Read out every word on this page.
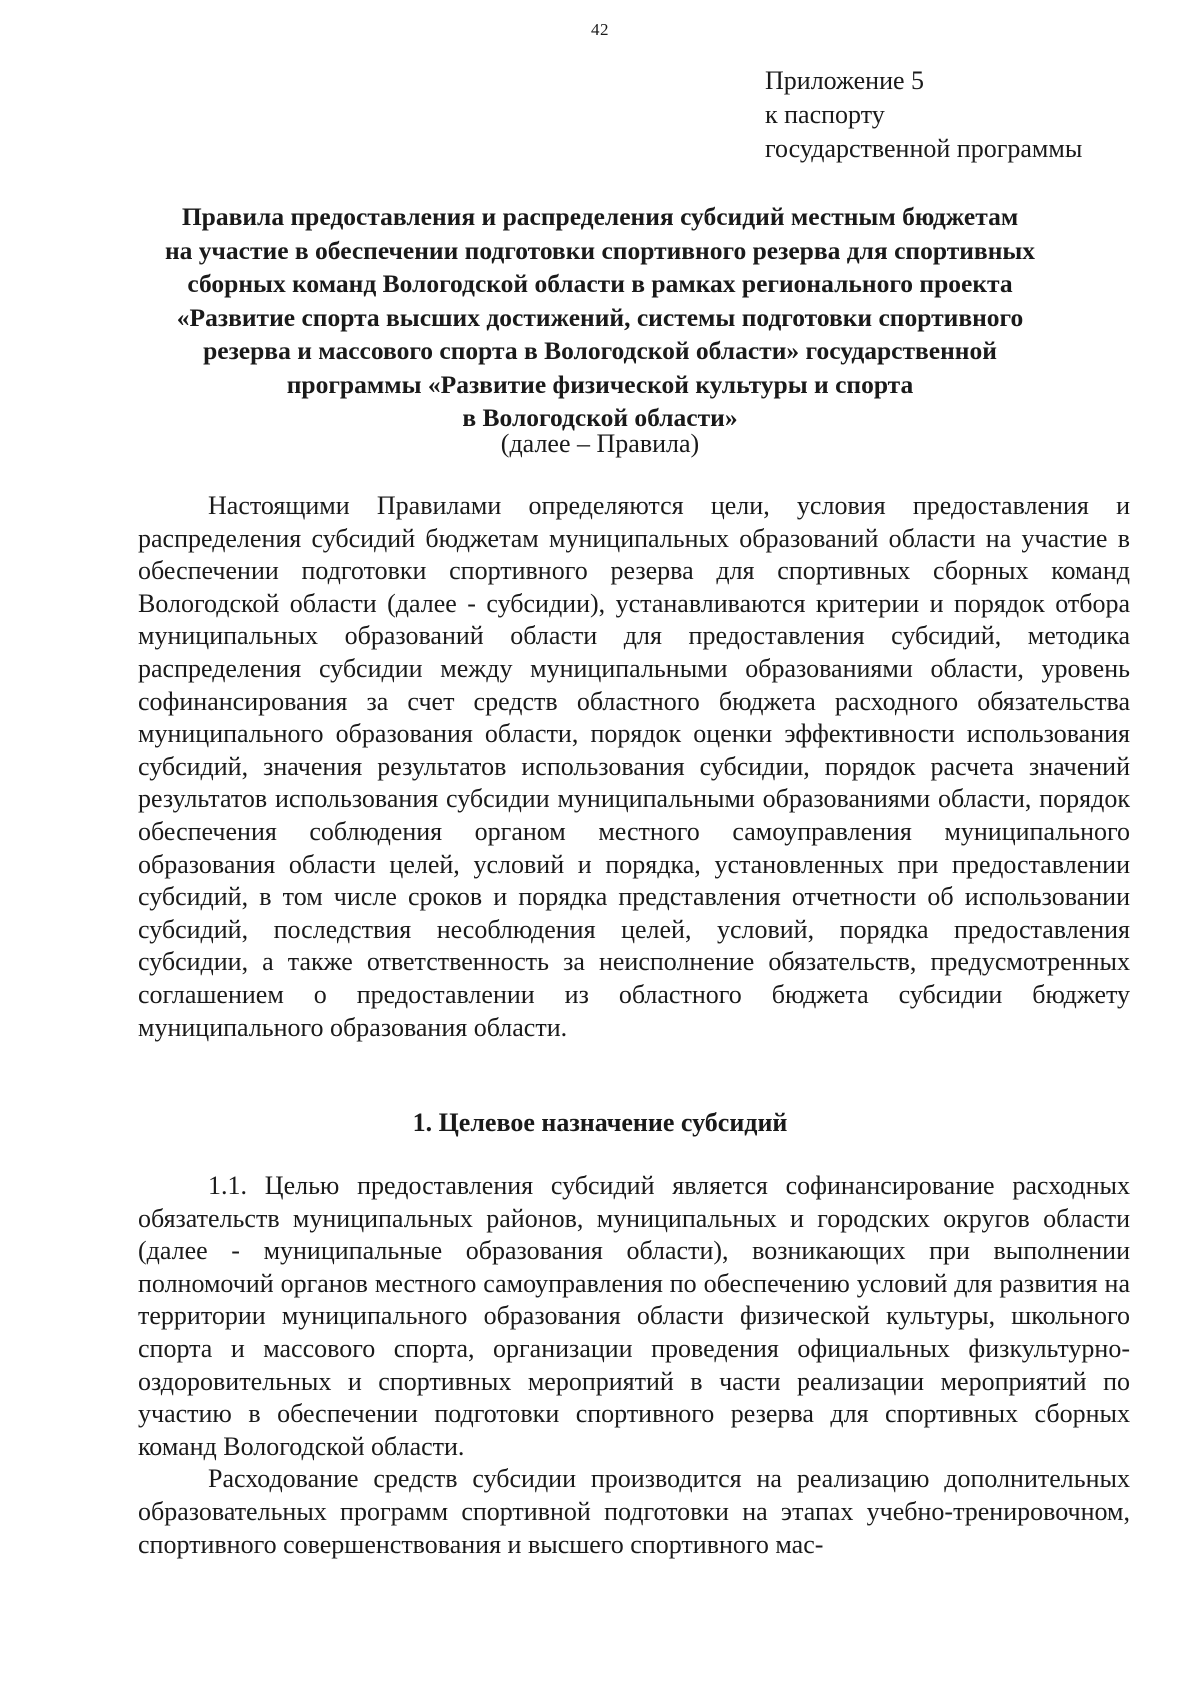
42
Приложение 5
к паспорту
государственной программы
Правила предоставления и распределения субсидий местным бюджетам
на участие в обеспечении подготовки спортивного резерва для спортивных
сборных команд Вологодской области в рамках регионального проекта
«Развитие спорта высших достижений, системы подготовки спортивного
резерва и массового спорта в Вологодской области» государственной
программы «Развитие физической культуры и спорта
в Вологодской области»
(далее – Правила)

Настоящими Правилами определяются цели, условия предоставления и распределения субсидий бюджетам муниципальных образований области на участие в обеспечении подготовки спортивного резерва для спортивных сборных команд Вологодской области (далее - субсидии), устанавливаются критерии и порядок отбора муниципальных образований области для предоставления субсидий, методика распределения субсидии между муниципальными образованиями области, уровень софинансирования за счет средств областного бюджета расходного обязательства муниципального образования области, порядок оценки эффективности использования субсидий, значения результатов использования субсидии, порядок расчета значений результатов использования субсидии муниципальными образованиями области, порядок обеспечения соблюдения органом местного самоуправления муниципального образования области целей, условий и порядка, установленных при предоставлении субсидий, в том числе сроков и порядка представления отчетности об использовании субсидий, последствия несоблюдения целей, условий, порядка предоставления субсидии, а также ответственность за неисполнение обязательств, предусмотренных соглашением о предоставлении из областного бюджета субсидии бюджету муниципального образования области.

1. Целевое назначение субсидий

1.1. Целью предоставления субсидий является софинансирование расходных обязательств муниципальных районов, муниципальных и городских округов области (далее - муниципальные образования области), возникающих при выполнении полномочий органов местного самоуправления по обеспечению условий для развития на территории муниципального образования области физической культуры, школьного спорта и массового спорта, организации проведения официальных физкультурно-оздоровительных и спортивных мероприятий в части реализации мероприятий по участию в обеспечении подготовки спортивного резерва для спортивных сборных команд Вологодской области.

Расходование средств субсидии производится на реализацию дополнительных образовательных программ спортивной подготовки на этапах учебно-тренировочном, спортивного совершенствования и высшего спортивного мас-
